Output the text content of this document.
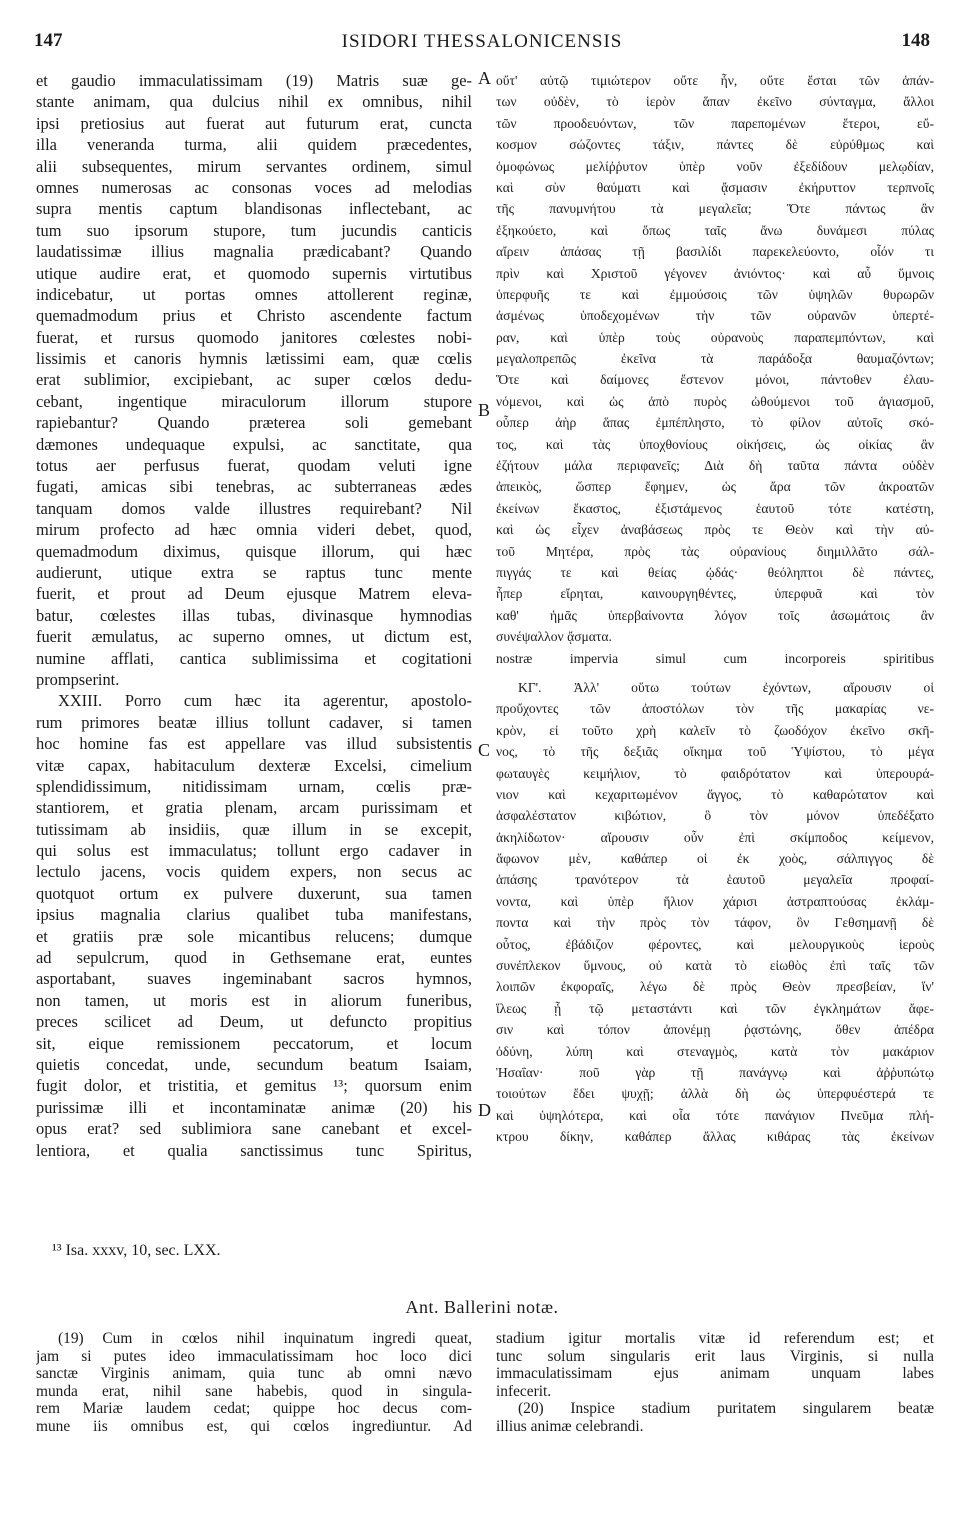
147	ISIDORI THESSALONICENSIS	148
A
B
C
D
et gaudio immaculatissimam (19) Matris suæ ge-
stante animam, qua dulcius nihil ex omnibus, nihil
ipsi pretiosius aut fuerat aut futurum erat, cuncta
illa veneranda turma, alii quidem præcedentes,
alii subsequentes, mirum servantes ordinem, simul
omnes numerosas ac consonas voces ad melodias
supra mentis captum blandisonas inflectebant, ac
tum suo ipsorum stupore, tum jucundis canticis
laudatissimæ illius magnalia prædicabant? Quando
utique audire erat, et quomodo supernis virtutibus
indicebatur, ut portas omnes attollerent reginæ,
quemadmodum prius et Christo ascendente factum
fuerat, et rursus quomodo janitores cœlestes nobi-
lissimis et canoris hymnis lætissimi eam, quæ cœlis
erat sublimior, excipiebant, ac super cœlos dedu-
cebant, ingentique miraculorum illorum stupore
rapiebantur? Quando præterea soli gemebant
dæmones undequaque expulsi, ac sanctitate, qua
totus aer perfusus fuerat, quodam veluti igne
fugati, amicas sibi tenebras, ac subterraneas ædes
tanquam domos valde illustres requirebant? Nil
mirum profecto ad hæc omnia videri debet, quod,
quemadmodum diximus, quisque illorum, qui hæc
audierunt, utique extra se raptus tunc mente
fuerit, et prout ad Deum ejusque Matrem eleva-
batur, cœlestes illas tubas, divinasque hymnodias
fuerit æmulatus, ac superno omnes, ut dictum est,
numine afflati, cantica sublimissima et cogitationi
prompserint.
XXIII. Porro cum hæc ita agerentur, apostolo-
rum primores beatæ illius tollunt cadaver, si tamen
hoc homine fas est appellare vas illud subsistentis
vitæ capax, habitaculum dexteræ Excelsi, cimelium
splendidissimum, nitidissimam urnam, cœlis præ-
stantiorem, et gratia plenam, arcam purissimam et
tutissimam ab insidiis, quæ illum in se excepit,
qui solus est immaculatus; tollunt ergo cadaver in
lectulo jacens, vocis quidem expers, non secus ac
quotquot ortum ex pulvere duxerunt, sua tamen
ipsius magnalia clarius qualibet tuba manifestans,
et gratiis præ sole micantibus relucens; dumque
ad sepulcrum, quod in Gethsemane erat, euntes
asportabant, suaves ingeminabant sacros hymnos,
non tamen, ut moris est in aliorum funeribus,
preces scilicet ad Deum, ut defuncto propitius
sit, eique remissionem peccatorum, et locum
quietis concedat, unde, secundum beatum Isaiam,
fugit dolor, et tristitia, et gemitus ¹³; quorsum enim
purissimæ illi et incontaminatæ animæ (20) his
opus erat? sed sublimiora sane canebant et excel-
lentiora, et qualia sanctissimus tunc Spiritus,
οὔτ' αὐτῷ τιμιώτερον οὔτε ἦν, οὔτε ἔσται τῶν ἁπάν-
των οὐδὲν, τὸ ἱερὸν ἅπαν ἐκεῖνο σύνταγμα, ἄλλοι
τῶν προοδευόντων, τῶν παρεπομένων ἕτεροι, εὔ-
κοσμον σώζοντες τάξιν, πάντες δὲ εὐρύθμως καὶ
ὁμοφώνως μελίῤῥυτον ὑπὲρ νοῦν ἐξεδίδουν μελῳδίαν,
καὶ σὺν θαύματι καὶ ᾄσμασιν ἐκήρυττον τερπνοῖς
τῆς πανυμνήτου τὰ μεγαλεῖα; Ὅτε πάντως ἂν
ἐξηκούετο, καὶ ὅπως ταῖς ἄνω δυνάμεσι πύλας
αἴρειν ἁπάσας τῇ βασιλίδι παρεκελεύοντο, οἷόν τι
πρὶν καὶ Χριστοῦ γέγονεν ἀνιόντος· καὶ αὖ ὕμνοις
ὑπερφυῆς τε καὶ ἐμμούσοις τῶν ὑψηλῶν θυρωρῶν
ἀσμένως ὑποδεχομένων τὴν τῶν οὐρανῶν ὑπερτέ-
ραν, καὶ ὑπὲρ τοὺς οὐρανοὺς παραπεμπόντων, καὶ
μεγαλοπρεπῶς ἐκεῖνα τὰ παράδοξα θαυμαζόντων;
Ὅτε καὶ δαίμονες ἔστενον μόνοι, πάντοθεν ἐλαυ-
νόμενοι, καὶ ὡς ἀπὸ πυρὸς ὠθούμενοι τοῦ ἁγιασμοῦ,
οὗπερ ἀὴρ ἅπας ἐμπέπληστο, τὸ φίλον αὐτοῖς σκό-
τος, καὶ τὰς ὑποχθονίους οἰκήσεις, ὡς οἰκίας ἂν
ἐζήτουν μάλα περιφανεῖς; Διὰ δὴ ταῦτα πάντα οὐδὲν
ἀπεικὸς, ὥσπερ ἔφημεν, ὡς ἄρα τῶν ἀκροατῶν
ἐκείνων ἕκαστος, ἐξιστάμενος ἑαυτοῦ τότε κατέστη,
καὶ ὡς εἶχεν ἀναβάσεως πρὸς τε Θεὸν καὶ τὴν αὐ-
τοῦ Μητέρα, πρὸς τὰς οὐρανίους διημιλλᾶτο σάλ-
πιγγάς τε καὶ θείας ᾠδάς· θεόληπτοι δὲ πάντες,
ἧπερ εἴρηται, καινουργηθέντες, ὑπερφυᾶ καὶ τὸν
καθ' ἡμᾶς ὑπερβαίνοντα λόγον τοῖς ἀσωμάτοις ἂν
συνέψαλλον ᾄσματα.
nostræ impervia simul cum incorporeis spiritibus
ΚΓ'. Ἀλλ' οὕτω τούτων ἐχόντων, αἴρουσιν οἱ
προὔχοντες τῶν ἀποστόλων τὸν τῆς μακαρίας νε-
κρὸν, εἰ τοῦτο χρὴ καλεῖν τὸ ζωοδόχον ἐκεῖνο σκῆ-
νος, τὸ τῆς δεξιᾶς οἴκημα τοῦ Ὑψίστου, τὸ μέγα
φωταυγὲς κειμήλιον, τὸ φαιδρότατον καὶ ὑπερουρά-
νιον καὶ κεχαριτωμένον ἄγγος, τὸ καθαρώτατον καὶ
ἀσφαλέστατον κιβώτιον, ὃ τὸν μόνον ὑπεδέξατο
ἀκηλίδωτον· αἴρουσιν οὖν ἐπὶ σκίμποδος κείμενον,
ἄφωνον μὲν, καθάπερ οἱ ἐκ χοὸς, σάλπιγγος δὲ
ἁπάσης τρανότερον τὰ ἑαυτοῦ μεγαλεῖα προφαί-
νοντα, καὶ ὑπὲρ ἥλιον χάρισι ἀστραπτούσας ἐκλάμ-
ποντα καὶ τὴν πρὸς τὸν τάφον, ὃν Γεθσημανῇ δὲ
οὗτος, ἐβάδιζον φέροντες, καὶ μελουργικοὺς ἱεροὺς
συνέπλεκον ὕμνους, οὐ κατὰ τὸ εἰωθὸς ἐπὶ ταῖς τῶν
λοιπῶν ἐκφοραῖς, λέγω δὲ πρὸς Θεὸν πρεσβείαν, ἵν'
ἵλεως ᾖ τῷ μεταστάντι καὶ τῶν ἐγκλημάτων ἄφε-
σιν καὶ τόπον ἀπονέμῃ ῥᾳστώνης, ὅθεν ἀπέδρα
ὀδύνη, λύπη καὶ στεναγμὸς, κατὰ τὸν μακάριον
Ἠσαΐαν· ποῦ γὰρ τῇ πανάγνῳ καὶ ἀῤῥυπώτῳ
τοιούτων ἔδει ψυχῇ; ἀλλὰ δὴ ὡς ὑπερφυέστερά τε
καὶ ὑψηλότερα, καὶ οἷα τότε πανάγιον Πνεῦμα πλή-
κτρου δίκην, καθάπερ ἄλλας κιθάρας τὰς ἐκείνων
¹³ Isa. xxxv, 10, sec. LXX.
Ant. Ballerini notæ.
(19) Cum in cœlos nihil inquinatum ingredi queat,
jam si putes ideo immaculatissimam hoc loco dici
sanctæ Virginis animam, quia tunc ab omni nævo
munda erat, nihil sane habebis, quod in singula-
rem Mariæ laudem cedat; quippe hoc decus com-
mune iis omnibus est, qui cœlos ingrediuntur. Ad
stadium igitur mortalis vitæ id referendum est; et
tunc solum singularis erit laus Virginis, si nulla
immaculatissimam ejus animam unquam labes
infecerit.
(20) Inspice stadium puritatem singularem beatæ
illius animæ celebrandi.
